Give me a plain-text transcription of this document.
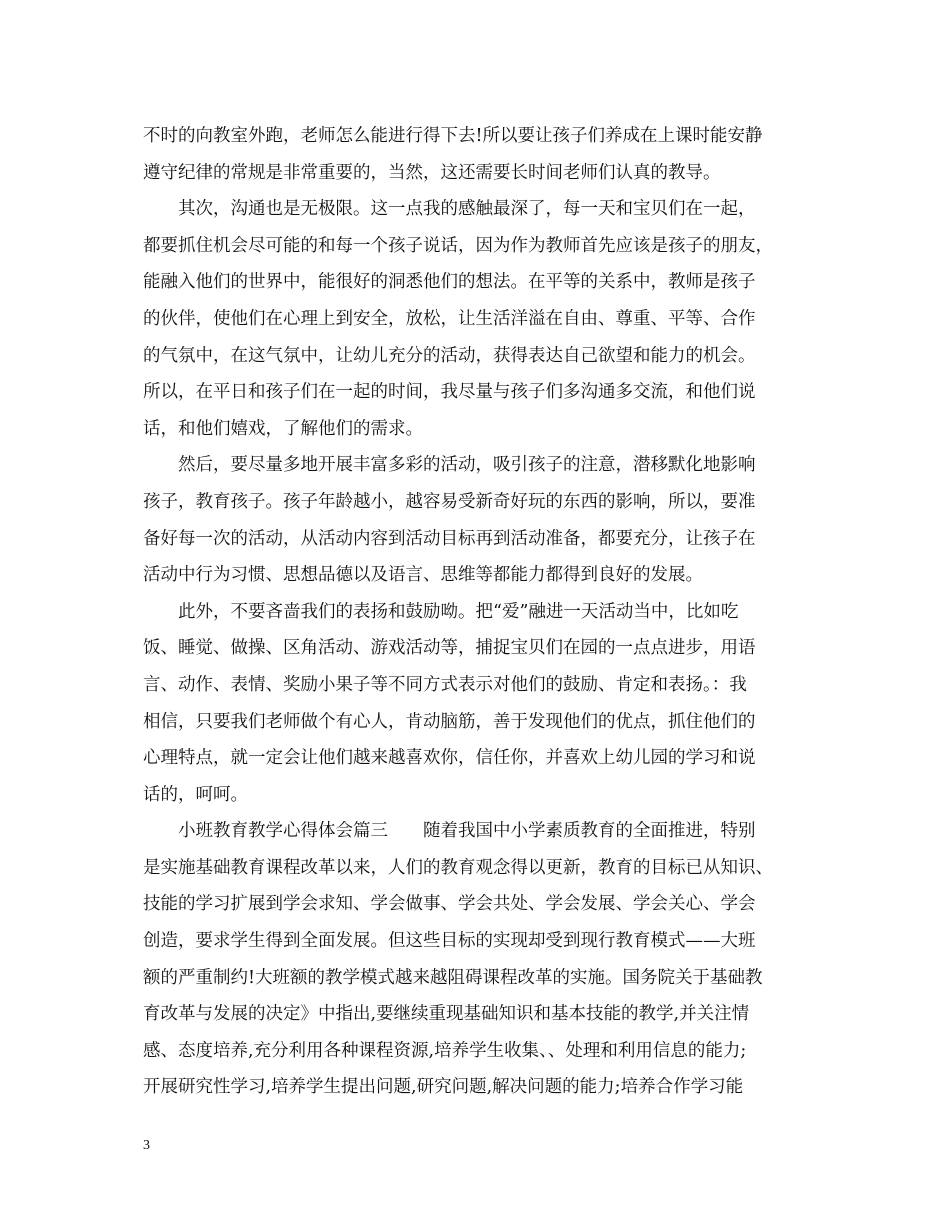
不时的向教室外跑，老师怎么能进行得下去!所以要让孩子们养成在上课时能安静
遵守纪律的常规是非常重要的，当然，这还需要长时间老师们认真的教导。
其次，沟通也是无极限。这一点我的感触最深了，每一天和宝贝们在一起，
都要抓住机会尽可能的和每一个孩子说话，因为作为教师首先应该是孩子的朋友，
能融入他们的世界中，能很好的洞悉他们的想法。在平等的关系中，教师是孩子
的伙伴，使他们在心理上到安全，放松，让生活洋溢在自由、尊重、平等、合作
的气氛中，在这气氛中，让幼儿充分的活动，获得表达自己欲望和能力的机会。
所以，在平日和孩子们在一起的时间，我尽量与孩子们多沟通多交流，和他们说
话，和他们嬉戏，了解他们的需求。
然后，要尽量多地开展丰富多彩的活动，吸引孩子的注意，潜移默化地影响
孩子，教育孩子。孩子年龄越小，越容易受新奇好玩的东西的影响，所以，要准
备好每一次的活动，从活动内容到活动目标再到活动准备，都要充分，让孩子在
活动中行为习惯、思想品德以及语言、思维等都能力都得到良好的发展。
此外，不要吝啬我们的表扬和鼓励呦。把“爱”融进一天活动当中，比如吃
饭、睡觉、做操、区角活动、游戏活动等，捕捉宝贝们在园的一点点进步，用语
言、动作、表情、奖励小果子等不同方式表示对他们的鼓励、肯定和表扬。：我
相信，只要我们老师做个有心人，肯动脑筋，善于发现他们的优点，抓住他们的
心理特点，就一定会让他们越来越喜欢你，信任你，并喜欢上幼儿园的学习和说
话的，呵呵。
小班教育教学心得体会篇三　　随着我国中小学素质教育的全面推进，特别
是实施基础教育课程改革以来，人们的教育观念得以更新，教育的目标已从知识、
技能的学习扩展到学会求知、学会做事、学会共处、学会发展、学会关心、学会
创造，要求学生得到全面发展。但这些目标的实现却受到现行教育模式——大班
额的严重制约!大班额的教学模式越来越阻碍课程改革的实施。国务院关于基础教
育改革与发展的决定》中指出,要继续重现基础知识和基本技能的教学,并关注情
感、态度培养,充分利用各种课程资源,培养学生收集、、处理和利用信息的能力;
开展研究性学习,培养学生提出问题,研究问题,解决问题的能力;培养合作学习能
3
